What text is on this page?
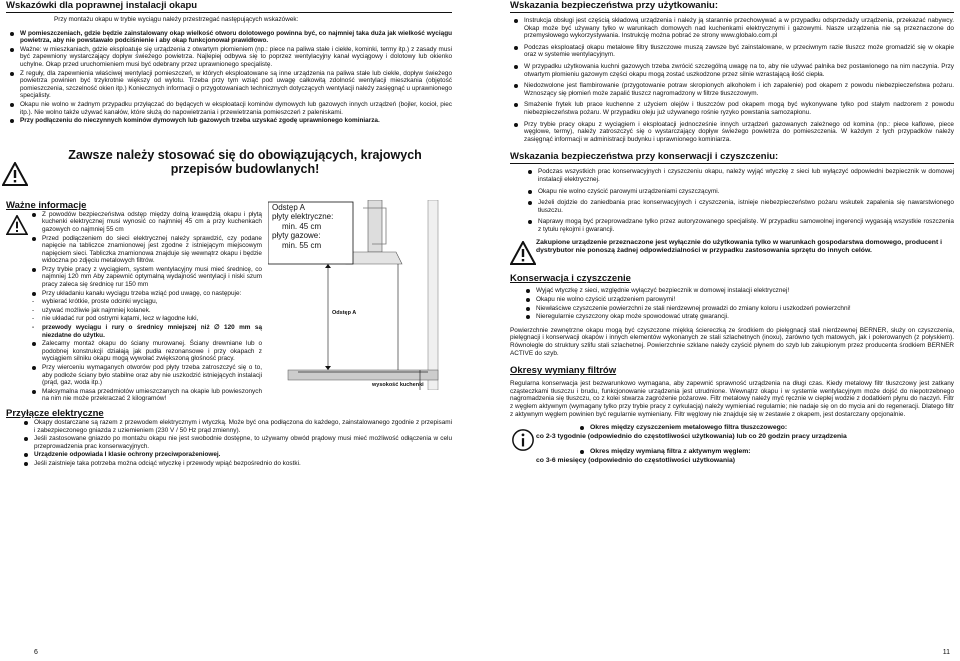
Wskazówki dla poprawnej instalacji okapu

Przy montażu okapu w trybie wyciągu należy przestrzegać następujących wskazówek:

W pomieszczeniach, gdzie będzie zainstalowany okap wielkość otworu dolotowego powinna być, co najmniej taka duża jak wielkość wyciągu powietrza, aby nie powstawało podciśnienie i aby okap funkcjonował prawidłowo.
Ważne: w mieszkaniach, gdzie eksploatuje się urządzenia z otwartym płomieniem (np.: piece na paliwa stałe i ciekłe, kominki, termy itp.) z zasady musi być zapewniony wystarczający dopływ świeżego powietrza. Najlepiej odbywa się to poprzez wentylacyjny kanał wyciągowy i dolotowy lub okienko uchylne. Okap przed uruchomieniem musi być odebrany przez uprawnionego specjalistę.
Z reguły, dla zapewnienia właściwej wentylacji pomieszczeń, w których eksploatowane są inne urządzenia na paliwa stałe lub ciekłe, dopływ świeżego powietrza powinien być trzykrotnie większy od wylotu. Trzeba przy tym wziąć pod uwagę całkowitą zdolność wentylacji mieszkania (objętość pomieszczenia, szczelność okien itp.) Koniecznych informacji o przygotowaniach technicznych dotyczących wentylacji należy zasięgnąć u uprawnionego specjalisty.
Okapu nie wolno w żadnym przypadku przyłączać do będących w eksploatacji kominów dymowych lub gazowych innych urządzeń (bojler, kocioł, piec itp.). Nie wolno także używać kanałów, które służą do napowietrzania i przewietrzania pomieszczeń z paleniskami.
Przy podłączeniu do nieczynnych kominów dymowych lub gazowych trzeba uzyskać zgodę uprawnionego kominiarza.

Zawsze należy stosować się do obowiązujących, krajowych przepisów budowlanych!

Ważne informacje
Z powodów bezpieczeństwa odstęp między dolną krawędzią okapu i płytą kuchenki elektrycznej musi wynosić co najmniej 45 cm a przy kuchenkach gazowych co najmniej 55 cm
Przed podłączeniem do sieci elektrycznej należy sprawdzić, czy podane napięcie na tabliczce znamionowej jest zgodne z istniejącym miejscowym napięciem sieci. Tabliczka znamionowa znajduje się wewnątrz okapu i będzie widoczna po zdjęciu metalowych filtrów.
Przy trybie pracy z wyciągiem, system wentylacyjny musi mieć średnicę, co najmniej 120 mm Aby zapewnić optymalną wydajność wentylacji i niski szum pracy zaleca się średnicę rur 150 mm
Przy układaniu kanału wyciągu trzeba wziąć pod uwagę, co następuje:
- wybierać krótkie, proste odcinki wyciągu,
- używać możliwie jak najmniej kolanek.
- nie układać rur pod ostrymi kątami, lecz w łagodne łuki,
- przewody wyciągu i rury o średnicy mniejszej niż ∅ 120 mm są niezdatne do użytku.
Zalecamy montaż okapu do ściany murowanej. Ściany drewniane lub o podobnej konstrukcji działają jak pudła rezonansowe i przy okapach z wyciągiem silniku okapu mogą wywołać zwiększoną głośność pracy.
Przy wierceniu wymaganych otworów pod płyty trzeba zatroszczyć się o to, aby podłoże ściany było stabilne oraz aby nie uszkodzić istniejących instalacji (prąd, gaz, woda itp.)
Maksymalna masa przedmiotów umieszczanych na okapie lub powieszonych na nim nie może przekraczać 2 kilogramów!
Odstęp A
płyty elektryczne:
min. 45 cm
płyty gazowe:
min. 55 cm
Odstęp A
wysokość kuchenki
Przyłącze elektryczne
Okapy dostarczane są razem z przewodem elektrycznym i wtyczką. Może być ona podłączona do każdego, zainstalowanego zgodnie z przepisami i zabezpieczonego gniazda z uziemieniem (230 V / 50 Hz prąd zmienny).
Jeśli zastosowane gniazdo po montażu okapu nie jest swobodnie dostępne, to używamy obwód prądowy musi mieć możliwość odłączenia w celu przeprowadzenia prac konserwacyjnych.
Urządzenie odpowiada I klasie ochrony przeciwporażeniowej.
Jeśli zaistnieje taka potrzeba można odciąć wtyczkę i przewody wpiąć bezpośrednio do kostki.
6
Wskazania bezpieczeństwa przy użytkowaniu:
Instrukcja obsługi jest częścią składową urządzenia i należy ją starannie przechowywać a w przypadku odsprzedaży urządzenia, przekazać nabywcy. Okap może być używany tylko w warunkach domowych nad kuchenkami elektrycznymi i gazowymi. Nasze urządzenia nie są przeznaczone do przemysłowego wykorzystywania. Instrukcję można pobrać ze strony www.globalo.com.pl
Podczas eksploatacji okapu metalowe filtry tłuszczowe muszą zawsze być zainstalowane, w przeciwnym razie tłuszcz może gromadzić się w okapie oraz w systemie wentylacyjnym.
W przypadku użytkowania kuchni gazowych trzeba zwrócić szczególną uwagę na to, aby nie używać palnika bez postawionego na nim naczynia. Przy otwartym płomieniu gazowym części okapu mogą zostać uszkodzone przez silnie wzrastającą ilość ciepła.
Niedozwolone jest flambirowanie (przygotowanie potraw skropionych alkoholem i ich zapalenie) pod okapem z powodu niebezpieczeństwa pożaru. Wznoszący się płomień może zapalić tłuszcz nagromadzony w filtrze tłuszczowym.
Smażenie frytek lub prace kuchenne z użyciem olejów i tłuszczów pod okapem mogą być wykonywane tylko pod stałym nadzorem z powodu niebezpieczeństwa pożaru. W przypadku oleju już używanego rośnie ryzyko powstania samozapłonu.
Przy trybie pracy okapu z wyciągiem i eksploatacji jednocześnie innych urządzeń gazowanych zależnego od komina (np.: piece kaflowe, piece węglowe, termy), należy zatroszczyć się o wystarczający dopływ świeżego powietrza do pomieszczenia. W każdym z tych przypadków należy zasięgnąć informacji w administracji budynku i uprawnionego kominiarza.
Wskazania bezpieczeństwa przy konserwacji i czyszczeniu:
Podczas wszystkich prac konserwacyjnych i czyszczeniu okapu, należy wyjąć wtyczkę z sieci lub wyłączyć odpowiedni bezpiecznik w domowej instalacji elektrycznej.
Okapu nie wolno czyścić parowymi urządzeniami czyszczącymi.
Jeżeli dojdzie do zaniedbania prac konserwacyjnych i czyszczenia, istnieje niebezpieczeństwo pożaru wskutek zapalenia się nawarstwionego tłuszczu.
Naprawy mogą być przeprowadzane tylko przez autoryzowanego specjalistę. W przypadku samowolnej ingerencji wygasają wszystkie roszczenia z tytułu rękojmi i gwarancji.

Zakupione urządzenie przeznaczone jest wyłącznie do użytkowania tylko w warunkach gospodarstwa domowego, producent i dystrybutor nie ponoszą żadnej odpowiedzialności w przypadku zastosowania sprzętu do innych celów.

Konserwacja i czyszczenie
Wyjąć wtyczkę z sieci, względnie wyłączyć bezpiecznik w domowej instalacji elektrycznej!
Okapu nie wolno czyścić urządzeniem parowymi!
Niewłaściwe czyszczenie powierzchni ze stali nierdzewnej prowadzi do zmiany koloru i uszkodzeń powierzchni!
Nieregularnie czyszczony okap może spowodować utratę gwarancji.

Powierzchnie zewnętrzne okapu mogą być czyszczone miękką ściereczką ze środkiem do pielęgnacji stali nierdzewnej BERNER, służy on czyszczenia, pielęgnacji i konserwacji okapów i innych elementów wykonanych ze stali szlachetnych (inoxu), zarówno tych matowych, jak i polerowanych (z połyskiem). Równolegle do struktury szlifu stali szlachetnej. Powierzchnie szklane należy czyścić płynem do szyb lub zakupionym przez producenta środkiem BERNER ACTIVE do szyb.

Okresy wymiany filtrów

Regularna konserwacja jest bezwarunkowo wymagana, aby zapewnić sprawność urządzenia na długi czas. Kiedy metalowy filtr tłuszczowy jest zatkany cząsteczkami tłuszczu i brudu, funkcjonowanie urządzenia jest utrudnione. Wewnątrz okapu i w systemie wentylacyjnym może dojść do niepotrzebnego nagromadzenia się tłuszczu, co z kolei stwarza zagrożenie pożarowe. Filtr metalowy należy myć ręcznie w ciepłej wodzie z dodatkiem płynu do naczyń. Filtr z węglem aktywnym (wymagany tylko przy trybie pracy z cyrkulacją) należy wymieniać regularnie; nie nadaje się on do mycia ani do regeneracji. Dlatego filtr z aktywnym węglem powinien być regularnie wymieniany. Filtr węglowy nie znajduje się w zestawie z okapem, jest dostarczany opcjonalnie.

Okres między czyszczeniem metalowego filtra tłuszczowego:

co 2-3 tygodnie (odpowiednio do częstotliwości użytkowania) lub co 20 godzin pracy urządzenia

Okres między wymianą filtra z aktywnym węglem:

co 3-6 miesięcy (odpowiednio do częstotliwości użytkowania)

11
